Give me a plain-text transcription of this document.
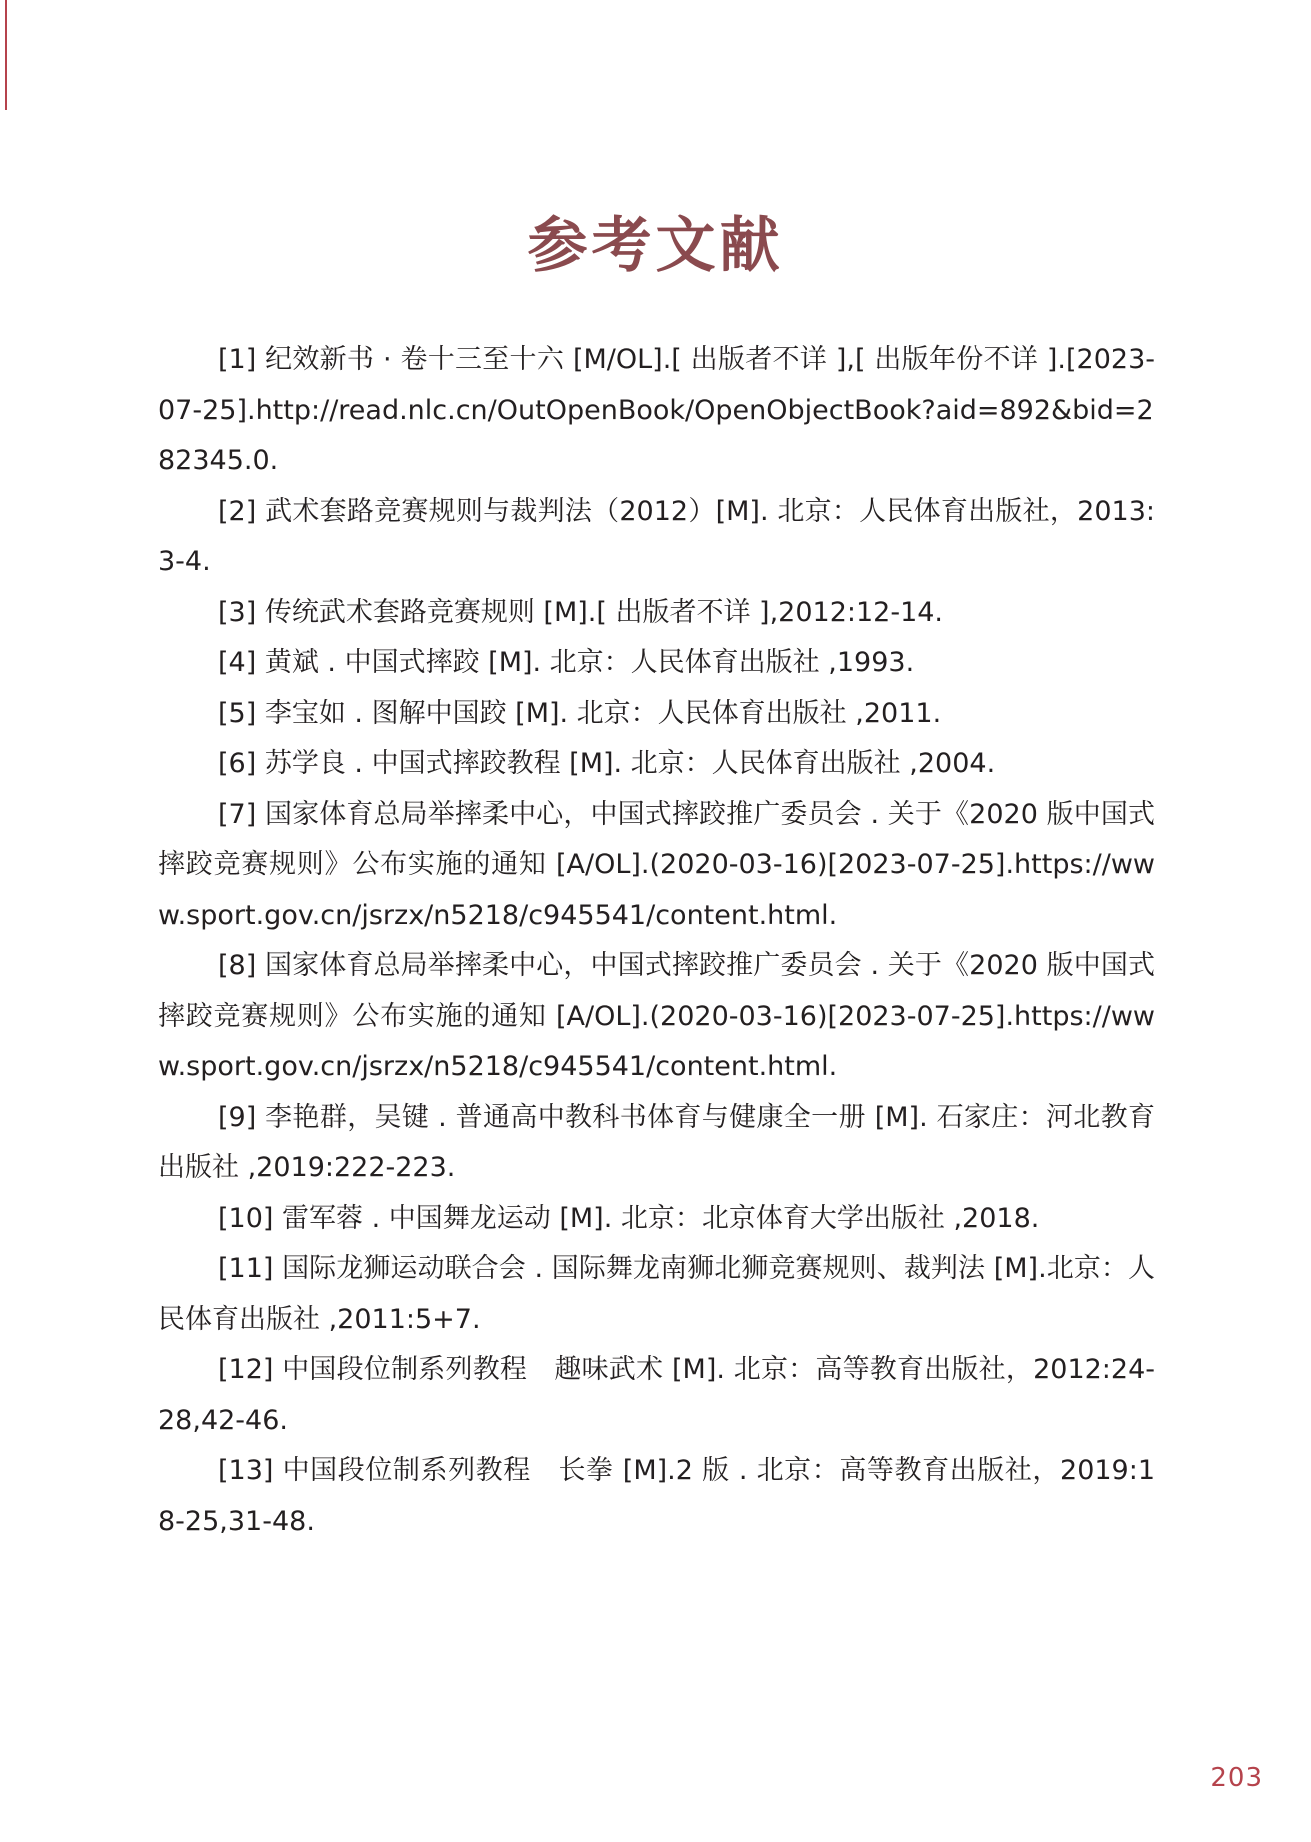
参考文献
[1] 纪效新书 · 卷十三至十六 [M/OL].[ 出版者不详 ],[ 出版年份不详 ].[2023-07-25].http://read.nlc.cn/OutOpenBook/OpenObjectBook?aid=892&bid=282345.0.
[2] 武术套路竞赛规则与裁判法（2012）[M]. 北京：人民体育出版社，2013:3-4.
[3] 传统武术套路竞赛规则 [M].[ 出版者不详 ],2012:12-14.
[4] 黄斌 . 中国式摔跤 [M]. 北京：人民体育出版社 ,1993.
[5] 李宝如 . 图解中国跤 [M]. 北京：人民体育出版社 ,2011.
[6] 苏学良 . 中国式摔跤教程 [M]. 北京：人民体育出版社 ,2004.
[7] 国家体育总局举摔柔中心，中国式摔跤推广委员会 . 关于《2020 版中国式摔跤竞赛规则》公布实施的通知 [A/OL].(2020-03-16)[2023-07-25].https://www.sport.gov.cn/jsrzx/n5218/c945541/content.html.
[8] 国家体育总局举摔柔中心，中国式摔跤推广委员会 . 关于《2020 版中国式摔跤竞赛规则》公布实施的通知 [A/OL].(2020-03-16)[2023-07-25].https://www.sport.gov.cn/jsrzx/n5218/c945541/content.html.
[9] 李艳群，吴键 . 普通高中教科书体育与健康全一册 [M]. 石家庄：河北教育出版社 ,2019:222-223.
[10] 雷军蓉 . 中国舞龙运动 [M]. 北京：北京体育大学出版社 ,2018.
[11] 国际龙狮运动联合会 . 国际舞龙南狮北狮竞赛规则、裁判法 [M].北京：人民体育出版社 ,2011:5+7.
[12] 中国段位制系列教程　趣味武术 [M]. 北京：高等教育出版社，2012:24-28,42-46.
[13] 中国段位制系列教程　长拳 [M].2 版 . 北京：高等教育出版社，2019:18-25,31-48.
203
